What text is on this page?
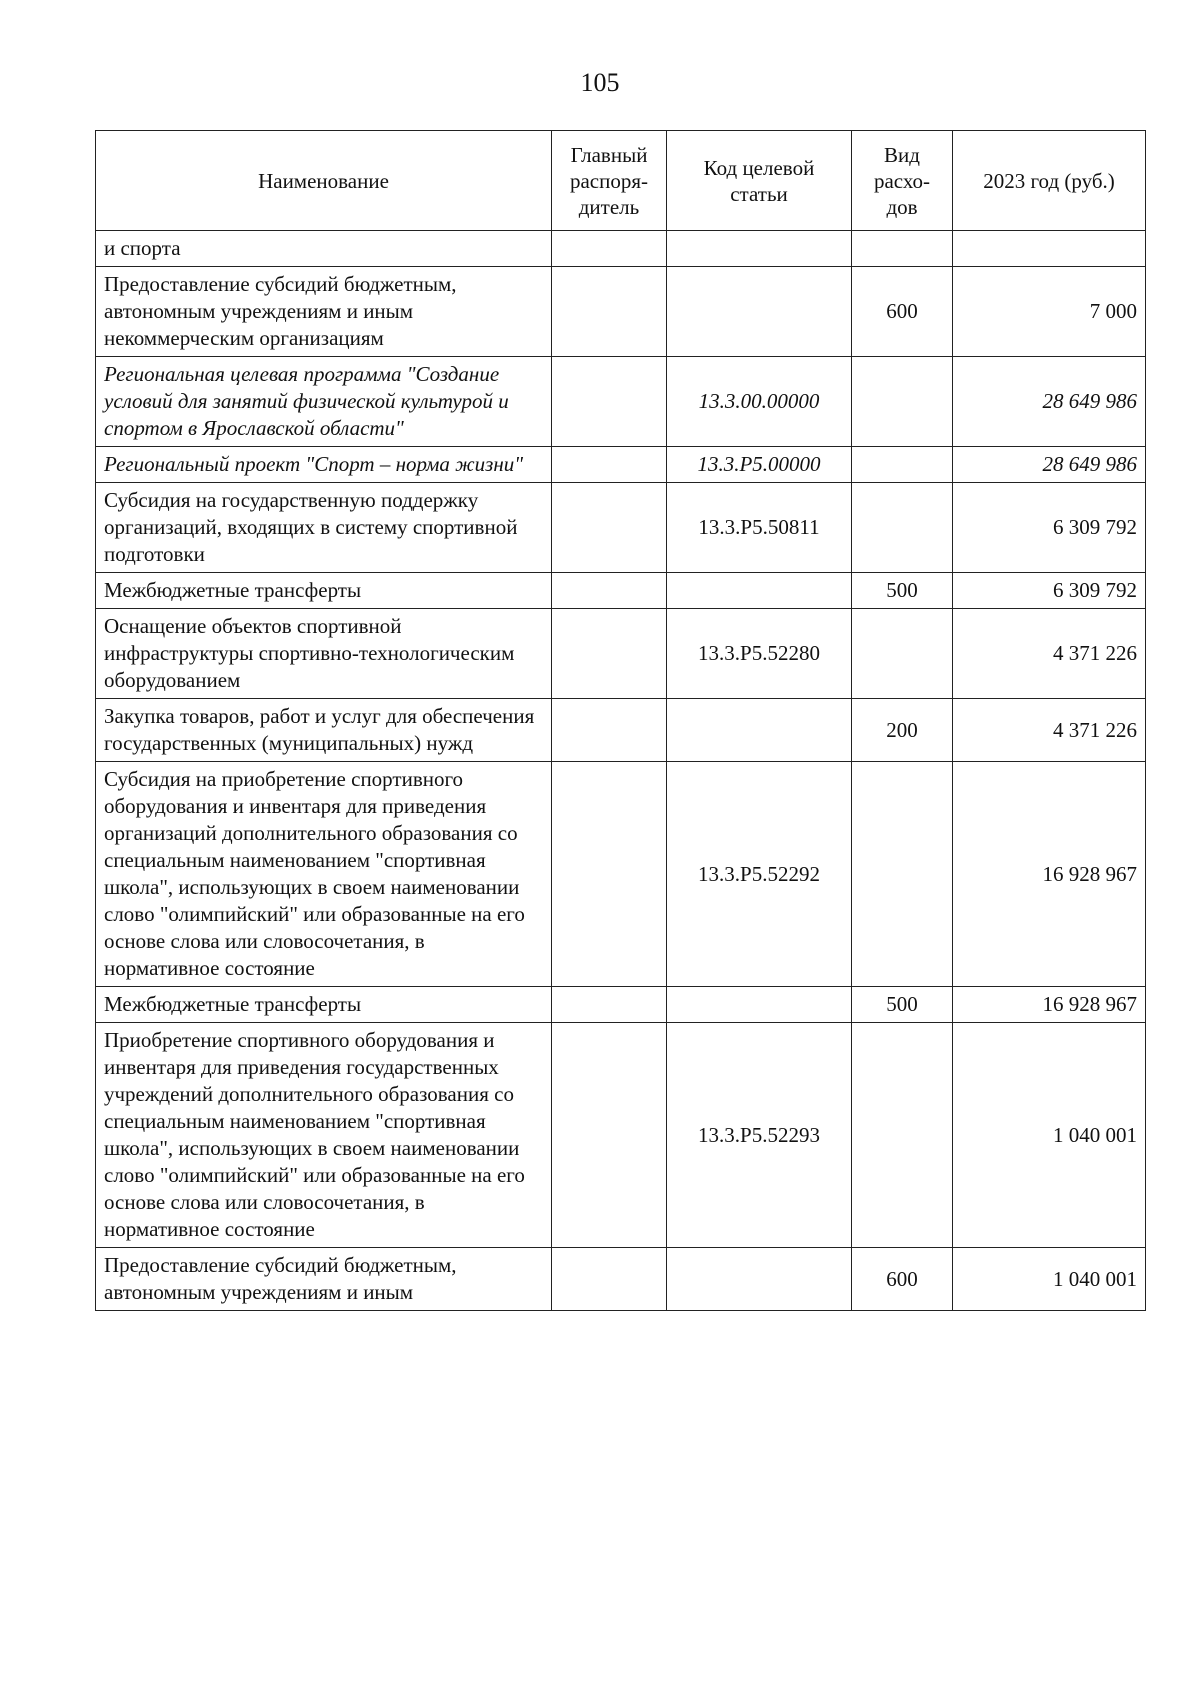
105
Наименование	Главный распоря-дитель	Код целевой статьи	Вид расхо-дов	2023 год (руб.)
и спорта				
Предоставление субсидий бюджетным, автономным учреждениям и иным некоммерческим организациям			600	7 000
Региональная целевая программа "Создание условий для занятий физической культурой и спортом в Ярославской области"		13.3.00.00000		28 649 986
Региональный проект "Спорт – норма жизни"		13.3.P5.00000		28 649 986
Субсидия на государственную поддержку организаций, входящих в систему спортивной подготовки		13.3.P5.50811		6 309 792
Межбюджетные трансферты			500	6 309 792
Оснащение объектов спортивной инфраструктуры спортивно-технологическим оборудованием		13.3.P5.52280		4 371 226
Закупка товаров, работ и услуг для обеспечения государственных (муниципальных) нужд			200	4 371 226
Субсидия на приобретение спортивного оборудования и инвентаря для приведения организаций дополнительного образования со специальным наименованием "спортивная школа", использующих в своем наименовании слово "олимпийский" или образованные на его основе слова или словосочетания, в нормативное состояние		13.3.P5.52292		16 928 967
Межбюджетные трансферты			500	16 928 967
Приобретение спортивного оборудования и инвентаря для приведения государственных учреждений дополнительного образования со специальным наименованием "спортивная школа", использующих в своем наименовании слово "олимпийский" или образованные на его основе слова или словосочетания, в нормативное состояние		13.3.P5.52293		1 040 001
Предоставление субсидий бюджетным, автономным учреждениям и иным			600	1 040 001
